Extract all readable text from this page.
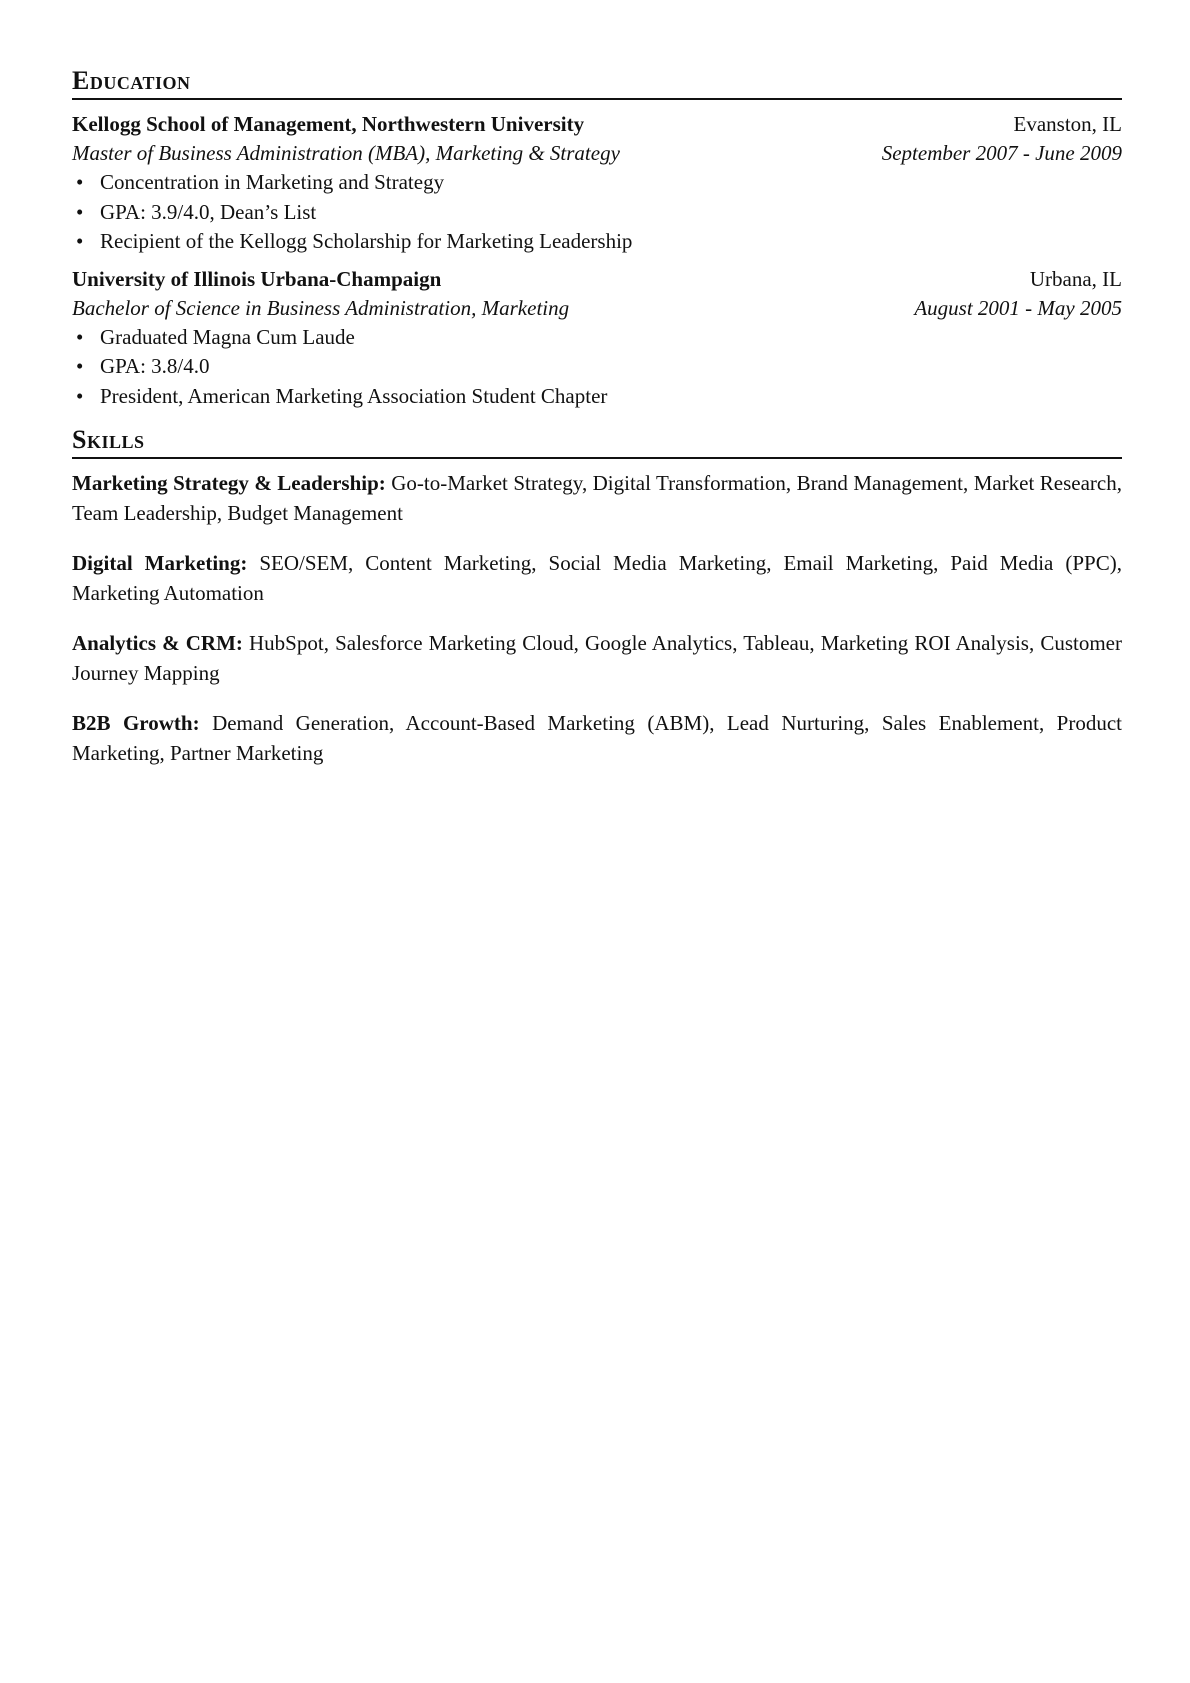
Education
Kellogg School of Management, Northwestern University	Evanston, IL
Master of Business Administration (MBA), Marketing & Strategy	September 2007 - June 2009
• Concentration in Marketing and Strategy
• GPA: 3.9/4.0, Dean’s List
• Recipient of the Kellogg Scholarship for Marketing Leadership
University of Illinois Urbana-Champaign	Urbana, IL
Bachelor of Science in Business Administration, Marketing	August 2001 - May 2005
• Graduated Magna Cum Laude
• GPA: 3.8/4.0
• President, American Marketing Association Student Chapter
Skills

Marketing Strategy & Leadership: Go-to-Market Strategy, Digital Transformation, Brand Management, Market Research, Team Leadership, Budget Management

Digital Marketing: SEO/SEM, Content Marketing, Social Media Marketing, Email Marketing, Paid Media (PPC), Marketing Automation

Analytics & CRM: HubSpot, Salesforce Marketing Cloud, Google Analytics, Tableau, Marketing ROI Analysis, Customer Journey Mapping

B2B Growth: Demand Generation, Account-Based Marketing (ABM), Lead Nurturing, Sales Enablement, Product Marketing, Partner Marketing
